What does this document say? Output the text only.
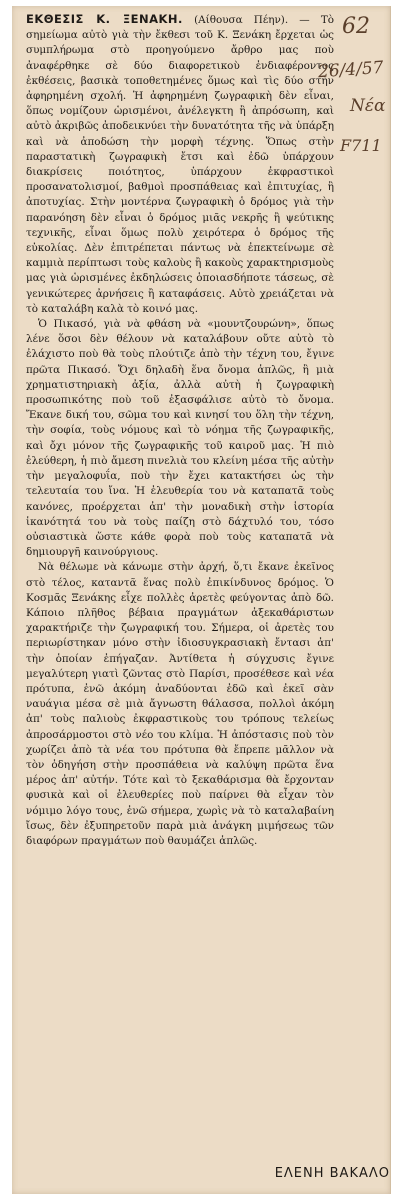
ΕΚΘΕΣΙΣ Κ. ΞΕΝΑΚΗ. (Αίθουσα Πέην). — Τὸ σημείωμα αὐτὸ γιὰ τὴν ἔκθεσι τοῦ Κ. Ξενάκη ἔρχεται ὡς συμπλήρωμα στὸ προηγούμενο ἄρθρο μας ποὺ ἀναφέρθηκε σὲ δύο διαφορετικοὺ ἐνδιαφέροντος ἐκθέσεις, βασικὰ τοποθετημένες ὅμως καὶ τὶς δύο στὴν ἀφηρημένη σχολή. Ἡ ἀφηρημένη ζωγραφικὴ δὲν εἶναι, ὅπως νομίζουν ὡρισμένοι, ἀνέλεγκτη ἢ ἀπρόσωπη, καὶ αὐτὸ ἀκριβῶς ἀποδεικνύει τὴν δυνατότητα τῆς νὰ ὑπάρξη καὶ νὰ ἀποδώση τὴν μορφὴ τέχνης. Ὅπως στὴν παραστατικὴ ζωγραφικὴ ἔτσι καὶ ἐδῶ ὑπάρχουν διακρίσεις ποιότητος, ὑπάρχουν ἐκφραστικοὶ προσανατολισμοί, βαθμοὶ προσπάθειας καὶ ἐπιτυχίας, ἢ ἀποτυχίας. Στὴν μοντέρνα ζωγραφικὴ ὁ δρόμος γιὰ τὴν παρανόηση δὲν εἶναι ὁ δρόμος μιᾶς νεκρῆς ἢ ψεύτικης τεχνικῆς, εἶναι ὅμως πολὺ χειρότερα ὁ δρόμος τῆς εὐκολίας. Δὲν ἐπιτρέπεται πάντως νὰ ἐπεκτείνωμε σὲ καμμιὰ περίπτωσι τοὺς καλοὺς ἢ κακοὺς χαρακτηρισμοὺς μας γιὰ ὡρισμένες ἐκδηλώσεις ὁποιασδήποτε τάσεως, σὲ γενικώτερες ἀρνήσεις ἢ καταφάσεις. Αὐτὸ χρειάζεται νὰ τὸ καταλάβη καλὰ τὸ κοινό μας.

Ὁ Πικασό, γιὰ νὰ φθάση νὰ «μουντζουρώνη», ὅπως λένε ὅσοι δὲν θέλουν νὰ καταλάβουν οὔτε αὐτὸ τὸ ἐλάχιστο ποὺ θὰ τοὺς πλούτιζε ἀπὸ τὴν τέχνη του, ἔγινε πρῶτα Πικασό. Ὄχι δηλαδὴ ἕνα ὄνομα ἁπλῶς, ἢ μιὰ χρηματιστηριακὴ ἀξία, ἀλλὰ αὐτὴ ἡ ζωγραφικὴ προσωπικότης ποὺ τοῦ ἐξασφάλισε αὐτὸ τὸ ὄνομα. Ἔκανε δική του, σῶμα του καὶ κινησί του ὅλη τὴν τέχνη, τὴν σοφία, τοὺς νόμους καὶ τὸ νόημα τῆς ζωγραφικῆς, καὶ ὄχι μόνον τῆς ζωγραφικῆς τοῦ καιροῦ μας. Ἡ πιὸ ἐλεύθερη, ἡ πιὸ ἄμεση πινελιὰ του κλείνη μέσα τῆς αὐτὴν τὴν μεγαλοφυΐα, ποὺ τὴν ἔχει κατακτήσει ὡς τὴν τελευταία του ἴνα. Ἡ ἐλευθερία του νὰ καταπατᾶ τοὺς κανόνες, προέρχεται ἀπ' τὴν μοναδικὴ στὴν ἱστορία ἱκανότητά του νὰ τοὺς παίζη στὸ δάχτυλό του, τόσο οὐσιαστικὰ ὥστε κάθε φορὰ ποὺ τοὺς καταπατᾶ νὰ δημιουργῆ καινούργιους.

Νὰ θέλωμε νὰ κάνωμε στὴν ἀρχή, ὅ,τι ἔκανε ἐκεῖνος στὸ τέλος, καταντᾶ ἕνας πολὺ ἐπικίνδυνος δρόμος. Ὁ Κοσμᾶς Ξενάκης εἶχε πολλὲς ἀρετὲς φεύγοντας ἀπὸ δῶ. Κάποιο πλῆθος βέβαια πραγμάτων ἀξεκαθάριστων χαρακτήριζε τὴν ζωγραφική του. Σήμερα, οἱ ἀρετὲς του περιωρίστηκαν μόνο στὴν ἰδιοσυγκρασιακὴ ἔντασι ἀπ' τὴν ὁποίαν ἐπήγαζαν. Ἀντίθετα ἡ σύγχυσις ἔγινε μεγαλύτερη γιατὶ ζῶντας στὸ Παρίσι, προσέθεσε καὶ νέα πρότυπα, ἐνῶ ἀκόμη ἀναδύονται ἐδῶ καὶ ἐκεῖ σὰν ναυάγια μέσα σὲ μιὰ ἄγνωστη θάλασσα, πολλοὶ ἀκόμη ἀπ' τοὺς παλιοὺς ἐκφραστικοὺς του τρόπους τελείως ἀπροσάρμοστοι στὸ νέο του κλίμα. Ἡ ἀπόστασις ποὺ τὸν χωρίζει ἀπὸ τὰ νέα του πρότυπα θὰ ἔπρεπε μᾶλλον νὰ τὸν ὁδηγήση στὴν προσπάθεια νὰ καλύψη πρῶτα ἕνα μέρος ἀπ' αὐτήν. Τότε καὶ τὸ ξεκαθάρισμα θὰ ἔρχονταν φυσικὰ καὶ οἱ ἐλευθερίες ποὺ παίρνει θὰ εἶχαν τὸν νόμιμο λόγο τους, ἐνῶ σήμερα, χωρὶς νὰ τὸ καταλαβαίνη ἴσως, δὲν ἐξυπηρετοῦν παρὰ μιὰ ἀνάγκη μιμήσεως τῶν διαφόρων πραγμάτων ποὺ θαυμάζει ἁπλῶς.

ΕΛΕΝΗ ΒΑΚΑΛΟ
62
26/4/57
Νέα
F711
